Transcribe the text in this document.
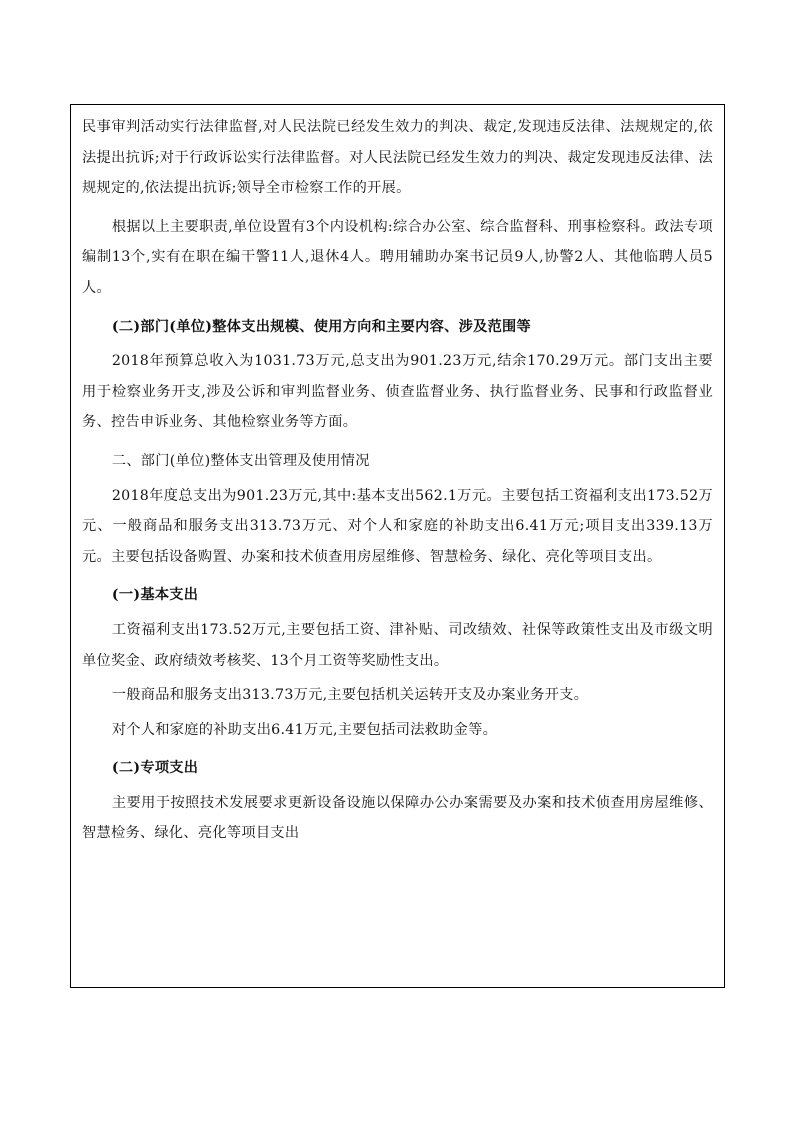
民事审判活动实行法律监督,对人民法院已经发生效力的判决、裁定,发现违反法律、法规规定的,依法提出抗诉;对于行政诉讼实行法律监督。对人民法院已经发生效力的判决、裁定发现违反法律、法规规定的,依法提出抗诉;领导全市检察工作的开展。

根据以上主要职责,单位设置有3个内设机构:综合办公室、综合监督科、刑事检察科。政法专项编制13个,实有在职在编干警11人,退休4人。聘用辅助办案书记员9人,协警2人、其他临聘人员5人。

(二)部门(单位)整体支出规模、使用方向和主要内容、涉及范围等

2018年预算总收入为1031.73万元,总支出为901.23万元,结余170.29万元。部门支出主要用于检察业务开支,涉及公诉和审判监督业务、侦查监督业务、执行监督业务、民事和行政监督业务、控告申诉业务、其他检察业务等方面。

二、部门(单位)整体支出管理及使用情况

2018年度总支出为901.23万元,其中:基本支出562.1万元。主要包括工资福利支出173.52万元、一般商品和服务支出313.73万元、对个人和家庭的补助支出6.41万元;项目支出339.13万元。主要包括设备购置、办案和技术侦查用房屋维修、智慧检务、绿化、亮化等项目支出。

(一)基本支出

工资福利支出173.52万元,主要包括工资、津补贴、司改绩效、社保等政策性支出及市级文明单位奖金、政府绩效考核奖、13个月工资等奖励性支出。

一般商品和服务支出313.73万元,主要包括机关运转开支及办案业务开支。

对个人和家庭的补助支出6.41万元,主要包括司法救助金等。

(二)专项支出

主要用于按照技术发展要求更新设备设施以保障办公办案需要及办案和技术侦查用房屋维修、智慧检务、绿化、亮化等项目支出
